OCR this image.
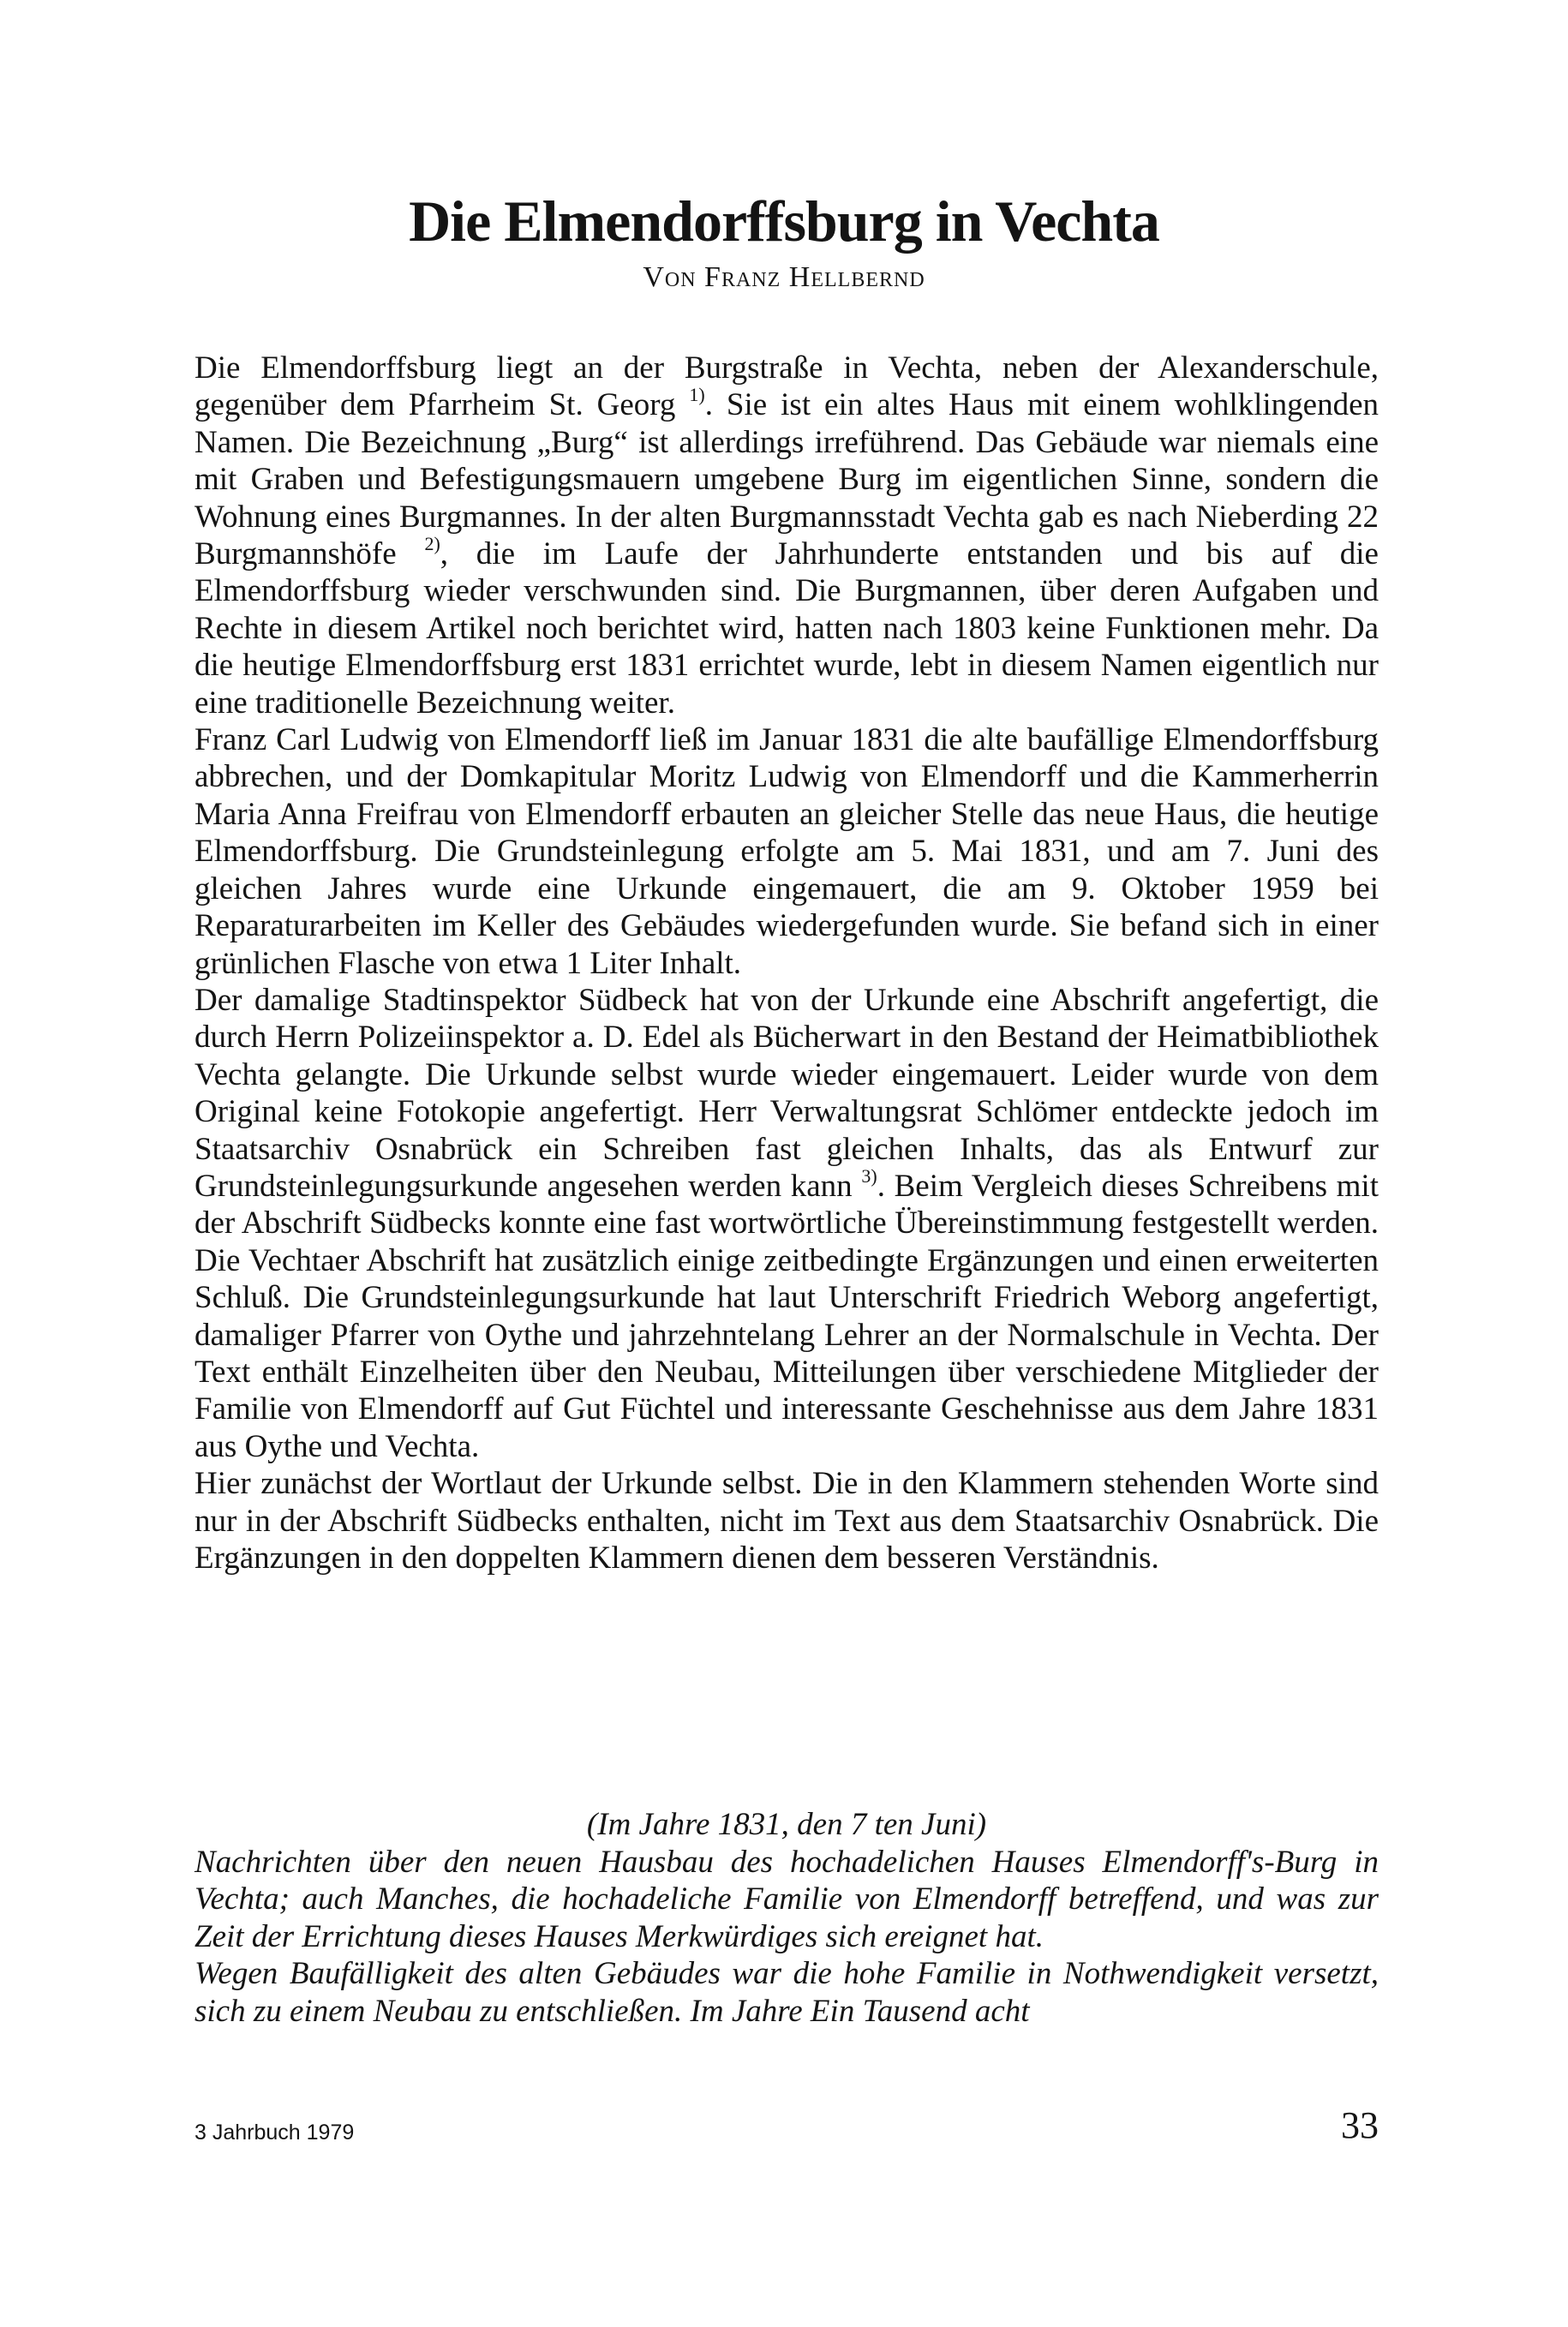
Die Elmendorffsburg in Vechta
Von Franz Hellbernd

Die Elmendorffsburg liegt an der Burgstraße in Vechta, neben der Alexanderschule, gegenüber dem Pfarrheim St. Georg $^{1)}$. Sie ist ein altes Haus mit einem wohlklingenden Namen. Die Bezeichnung „Burg“ ist allerdings irreführend. Das Gebäude war niemals eine mit Graben und Befestigungsmauern umgebene Burg im eigentlichen Sinne, sondern die Wohnung eines Burgmannes. In der alten Burgmannsstadt Vechta gab es nach Nieberding 22 Burgmannshöfe $^{2)}$, die im Laufe der Jahrhunderte entstanden und bis auf die Elmendorffsburg wieder verschwunden sind. Die Burgmannen, über deren Aufgaben und Rechte in diesem Artikel noch berichtet wird, hatten nach 1803 keine Funktionen mehr. Da die heutige Elmendorffsburg erst 1831 errichtet wurde, lebt in diesem Namen eigentlich nur eine traditionelle Bezeichnung weiter.

Franz Carl Ludwig von Elmendorff ließ im Januar 1831 die alte baufällige Elmendorffsburg abbrechen, und der Domkapitular Moritz Ludwig von Elmendorff und die Kammerherrin Maria Anna Freifrau von Elmendorff erbauten an gleicher Stelle das neue Haus, die heutige Elmendorffsburg. Die Grundsteinlegung erfolgte am 5. Mai 1831, und am 7. Juni des gleichen Jahres wurde eine Urkunde eingemauert, die am 9. Oktober 1959 bei Reparaturarbeiten im Keller des Gebäudes wiedergefunden wurde. Sie befand sich in einer grünlichen Flasche von etwa 1 Liter Inhalt.

Der damalige Stadtinspektor Südbeck hat von der Urkunde eine Abschrift angefertigt, die durch Herrn Polizeiinspektor a. D. Edel als Bücherwart in den Bestand der Heimatbibliothek Vechta gelangte. Die Urkunde selbst wurde wieder eingemauert. Leider wurde von dem Original keine Fotokopie angefertigt. Herr Verwaltungsrat Schlömer entdeckte jedoch im Staatsarchiv Osnabrück ein Schreiben fast gleichen Inhalts, das als Entwurf zur Grundsteinlegungsurkunde angesehen werden kann $^{3)}$. Beim Vergleich dieses Schreibens mit der Abschrift Südbecks konnte eine fast wortwörtliche Übereinstimmung festgestellt werden. Die Vechtaer Abschrift hat zusätzlich einige zeitbedingte Ergänzungen und einen erweiterten Schluß. Die Grundsteinlegungsurkunde hat laut Unterschrift Friedrich Weborg angefertigt, damaliger Pfarrer von Oythe und jahrzehntelang Lehrer an der Normalschule in Vechta. Der Text enthält Einzelheiten über den Neubau, Mitteilungen über verschiedene Mitglieder der Familie von Elmendorff auf Gut Füchtel und interessante Geschehnisse aus dem Jahre 1831 aus Oythe und Vechta.

Hier zunächst der Wortlaut der Urkunde selbst. Die in den Klammern stehenden Worte sind nur in der Abschrift Südbecks enthalten, nicht im Text aus dem Staatsarchiv Osnabrück. Die Ergänzungen in den doppelten Klammern dienen dem besseren Verständnis.

(Im Jahre 1831, den 7 ten Juni)

Nachrichten über den neuen Hausbau des hochadelichen Hauses Elmendorff's-Burg in Vechta; auch Manches, die hochadeliche Familie von Elmendorff betreffend, und was zur Zeit der Errichtung dieses Hauses Merkwürdiges sich ereignet hat.

Wegen Baufälligkeit des alten Gebäudes war die hohe Familie in Nothwendigkeit versetzt, sich zu einem Neubau zu entschließen. Im Jahre Ein Tausend acht

3 Jahrbuch 1979	33
